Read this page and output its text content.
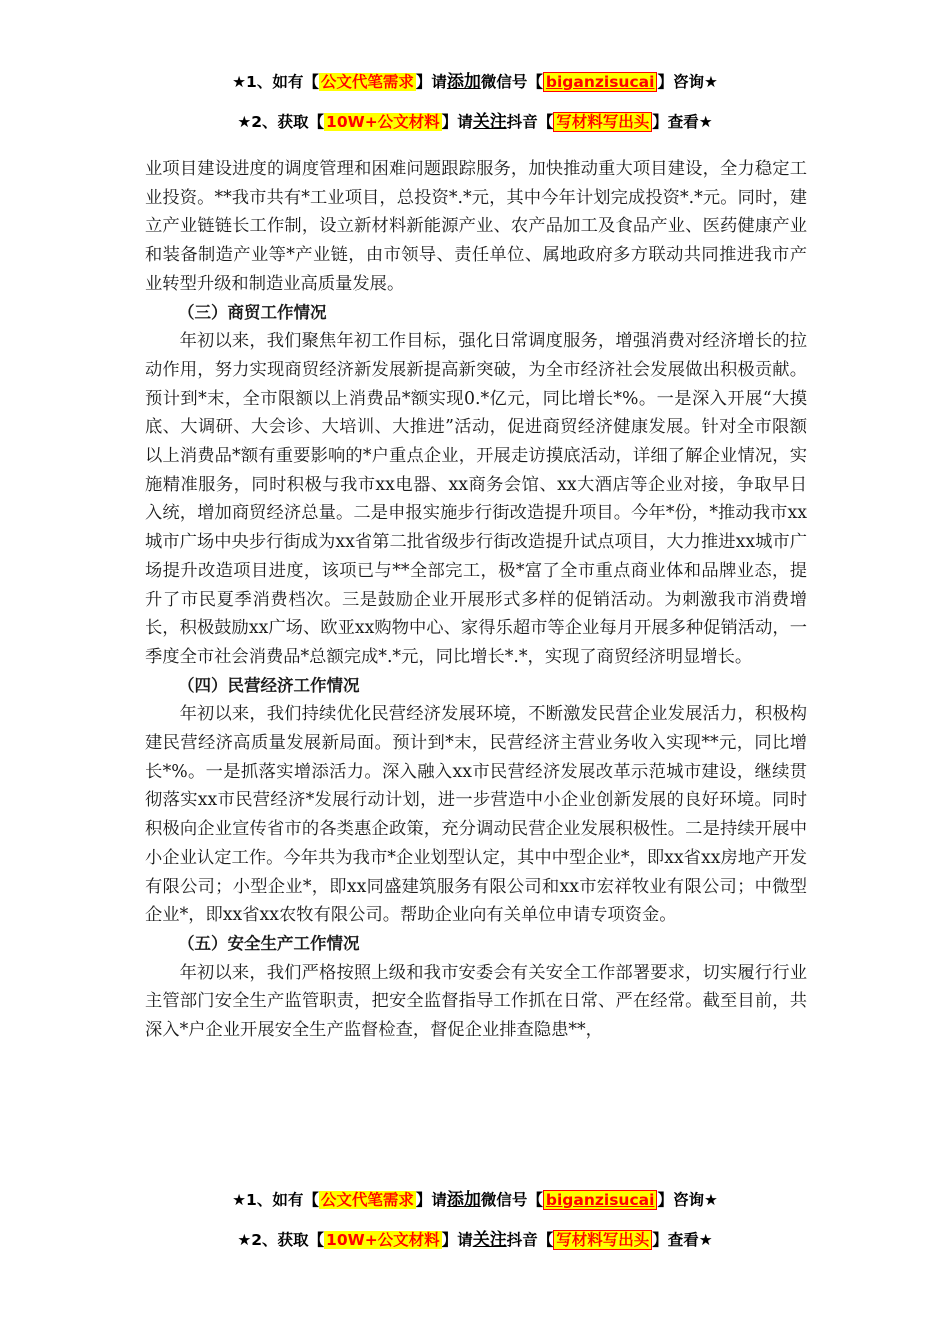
★1、如有【 公文代笔需求 】请添加微信号【 biganzisucai 】咨询★
★2、获取【 10W+公文材料 】请关注抖音【 写材料写出头 】查看★

业项目建设进度的调度管理和困难问题跟踪服务，加快推动重大项目建设，全力稳定工业投资。**我市共有*工业项目，总投资*.*元，其中今年计划完成投资*.*元。同时，建立产业链链长工作制，设立新材料新能源产业、农产品加工及食品产业、医药健康产业和装备制造产业等*产业链，由市领导、责任单位、属地政府多方联动共同推进我市产业转型升级和制造业高质量发展。

（三）商贸工作情况

年初以来，我们聚焦年初工作目标，强化日常调度服务，增强消费对经济增长的拉动作用，努力实现商贸经济新发展新提高新突破，为全市经济社会发展做出积极贡献。预计到*末，全市限额以上消费品*额实现0.*亿元，同比增长*%。一是深入开展“大摸底、大调研、大会诊、大培训、大推进”活动，促进商贸经济健康发展。针对全市限额以上消费品*额有重要影响的*户重点企业，开展走访摸底活动，详细了解企业情况，实施精准服务，同时积极与我市xx电器、xx商务会馆、xx大酒店等企业对接，争取早日入统，增加商贸经济总量。二是申报实施步行街改造提升项目。今年*份，*推动我市xx城市广场中央步行街成为xx省第二批省级步行街改造提升试点项目，大力推进xx城市广场提升改造项目进度，该项已与**全部完工，极*富了全市重点商业体和品牌业态，提升了市民夏季消费档次。三是鼓励企业开展形式多样的促销活动。为刺激我市消费增长，积极鼓励xx广场、欧亚xx购物中心、家得乐超市等企业每月开展多种促销活动，一季度全市社会消费品*总额完成*.*元，同比增长*.*，实现了商贸经济明显增长。

（四）民营经济工作情况

年初以来，我们持续优化民营经济发展环境，不断激发民营企业发展活力，积极构建民营经济高质量发展新局面。预计到*末，民营经济主营业务收入实现**元，同比增长*%。一是抓落实增添活力。深入融入xx市民营经济发展改革示范城市建设，继续贯彻落实xx市民营经济*发展行动计划，进一步营造中小企业创新发展的良好环境。同时积极向企业宣传省市的各类惠企政策，充分调动民营企业发展积极性。二是持续开展中小企业认定工作。今年共为我市*企业划型认定，其中中型企业*，即xx省xx房地产开发有限公司；小型企业*，即xx同盛建筑服务有限公司和xx市宏祥牧业有限公司；中微型企业*，即xx省xx农牧有限公司。帮助企业向有关单位申请专项资金。

（五）安全生产工作情况

年初以来，我们严格按照上级和我市安委会有关安全工作部署要求，切实履行行业主管部门安全生产监管职责，把安全监督指导工作抓在日常、严在经常。截至目前，共深入*户企业开展安全生产监督检查，督促企业排查隐患**，

★1、如有【 公文代笔需求 】请添加微信号【 biganzisucai 】咨询★
★2、获取【 10W+公文材料 】请关注抖音【 写材料写出头 】查看★
